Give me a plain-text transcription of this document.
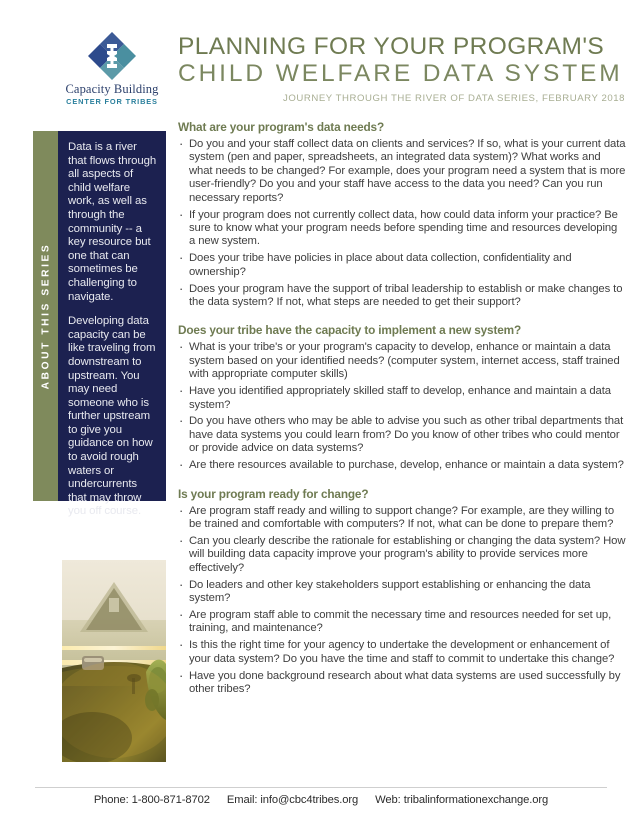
Capacity Building
CENTER FOR TRIBES
PLANNING FOR YOUR PROGRAM'S
CHILD WELFARE DATA SYSTEM
JOURNEY THROUGH THE RIVER OF DATA SERIES, FEBRUARY 2018
ABOUT THIS SERIES

Data is a river that flows through all aspects of child welfare work, as well as through the community -- a key resource but one that can sometimes be challenging to navigate.

Developing data capacity can be like traveling from downstream to upstream. You may need someone who is further upstream to give you guidance on how to avoid rough waters or undercurrents that may throw you off course.

What are your program's data needs?
· Do you and your staff collect data on clients and services? If so, what is your current data system (pen and paper, spreadsheets, an integrated data system)? What works and what needs to be changed? For example, does your program need a system that is more user-friendly? Do you and your staff have access to the data you need? Can you run necessary reports?
· If your program does not currently collect data, how could data inform your practice? Be sure to know what your program needs before spending time and resources developing a new system.
· Does your tribe have policies in place about data collection, confidentiality and ownership?
· Does your program have the support of tribal leadership to establish or make changes to the data system? If not, what steps are needed to get their support?
Does your tribe have the capacity to implement a new system?
· What is your tribe's or your program's capacity to develop, enhance or maintain a data system based on your identified needs? (computer system, internet access, staff trained with appropriate computer skills)
· Have you identified appropriately skilled staff to develop, enhance and maintain a data system?
· Do you have others who may be able to advise you such as other tribal departments that have data systems you could learn from? Do you know of other tribes who could mentor or provide advice on data systems?
· Are there resources available to purchase, develop, enhance or maintain a data system?
Is your program ready for change?
· Are program staff ready and willing to support change? For example, are they willing to be trained and comfortable with computers? If not, what can be done to prepare them?
· Can you clearly describe the rationale for establishing or changing the data system? How will building data capacity improve your program's ability to provide services more effectively?
· Do leaders and other key stakeholders support establishing or enhancing the data system?
· Are program staff able to commit the necessary time and resources needed for set up, training, and maintenance?
· Is this the right time for your agency to undertake the development or enhancement of your data system? Do you have the time and staff to commit to undertake this change?
· Have you done background research about what data systems are used successfully by other tribes?
Phone: 1-800-871-8702 Email: info@cbc4tribes.org Web: tribalinformationexchange.org
